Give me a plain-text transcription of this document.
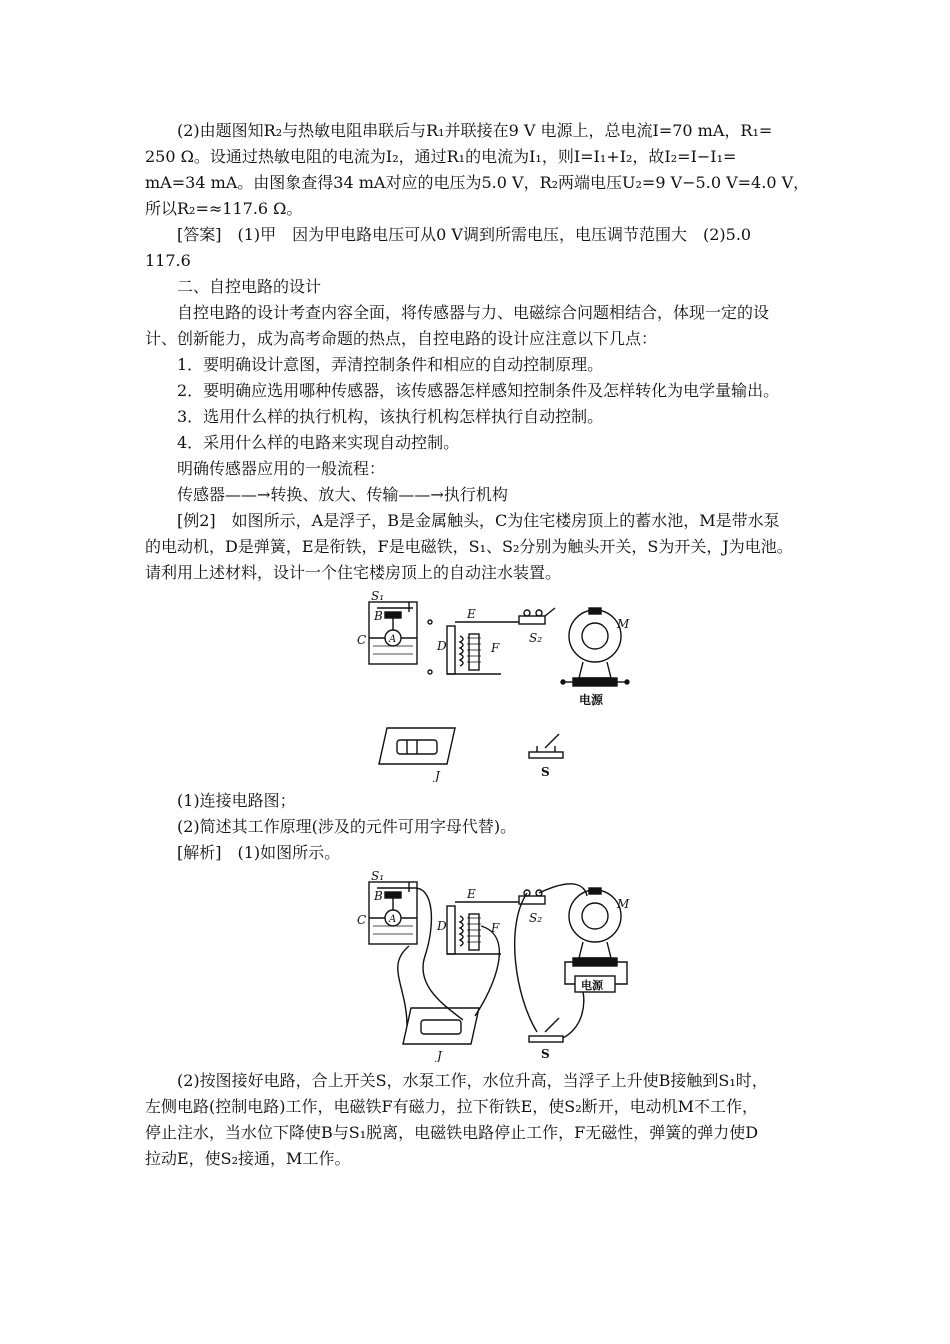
(2)由题图知R₂与热敏电阻串联后与R₁并联接在9 V 电源上，总电流I=70 mA，R₁=

250 Ω。设通过热敏电阻的电流为I₂，通过R₁的电流为I₁，则I=I₁+I₂，故I₂=I−I₁=

mA=34 mA。由图象查得34 mA对应的电压为5.0 V，R₂两端电压U₂=9 V−5.0 V=4.0 V，

所以R₂=≈117.6 Ω。

[答案]　(1)甲　因为甲电路电压可从0 V调到所需电压，电压调节范围大　(2)5.0

117.6

二、自控电路的设计

自控电路的设计考查内容全面，将传感器与力、电磁综合问题相结合，体现一定的设

计、创新能力，成为高考命题的热点，自控电路的设计应注意以下几点：

1．要明确设计意图，弄清控制条件和相应的自动控制原理。

2．要明确应选用哪种传感器，该传感器怎样感知控制条件及怎样转化为电学量输出。

3．选用什么样的执行机构，该执行机构怎样执行自动控制。

4．采用什么样的电路来实现自动控制。

明确传感器应用的一般流程：

传感器——→转换、放大、传输——→执行机构

[例2]　如图所示，A是浮子，B是金属触头，C为住宅楼房顶上的蓄水池，M是带水泵

的电动机，D是弹簧，E是衔铁，F是电磁铁，S₁、S₂分别为触头开关，S为开关，J为电池。

请利用上述材料，设计一个住宅楼房顶上的自动注水装置。

S₁
B
A
C
E
D	F
S₂
M
J	S
电源

(1)连接电路图；

(2)简述其工作原理(涉及的元件可用字母代替)。

[解析]　(1)如图所示。

S₁
B
A
C
E
D	F
S₂
M
J	S
电源

(2)按图接好电路，合上开关S，水泵工作，水位升高，当浮子上升使B接触到S₁时，

左侧电路(控制电路)工作，电磁铁F有磁力，拉下衔铁E，使S₂断开，电动机M不工作，

停止注水，当水位下降使B与S₁脱离，电磁铁电路停止工作，F无磁性，弹簧的弹力使D

拉动E，使S₂接通，M工作。
